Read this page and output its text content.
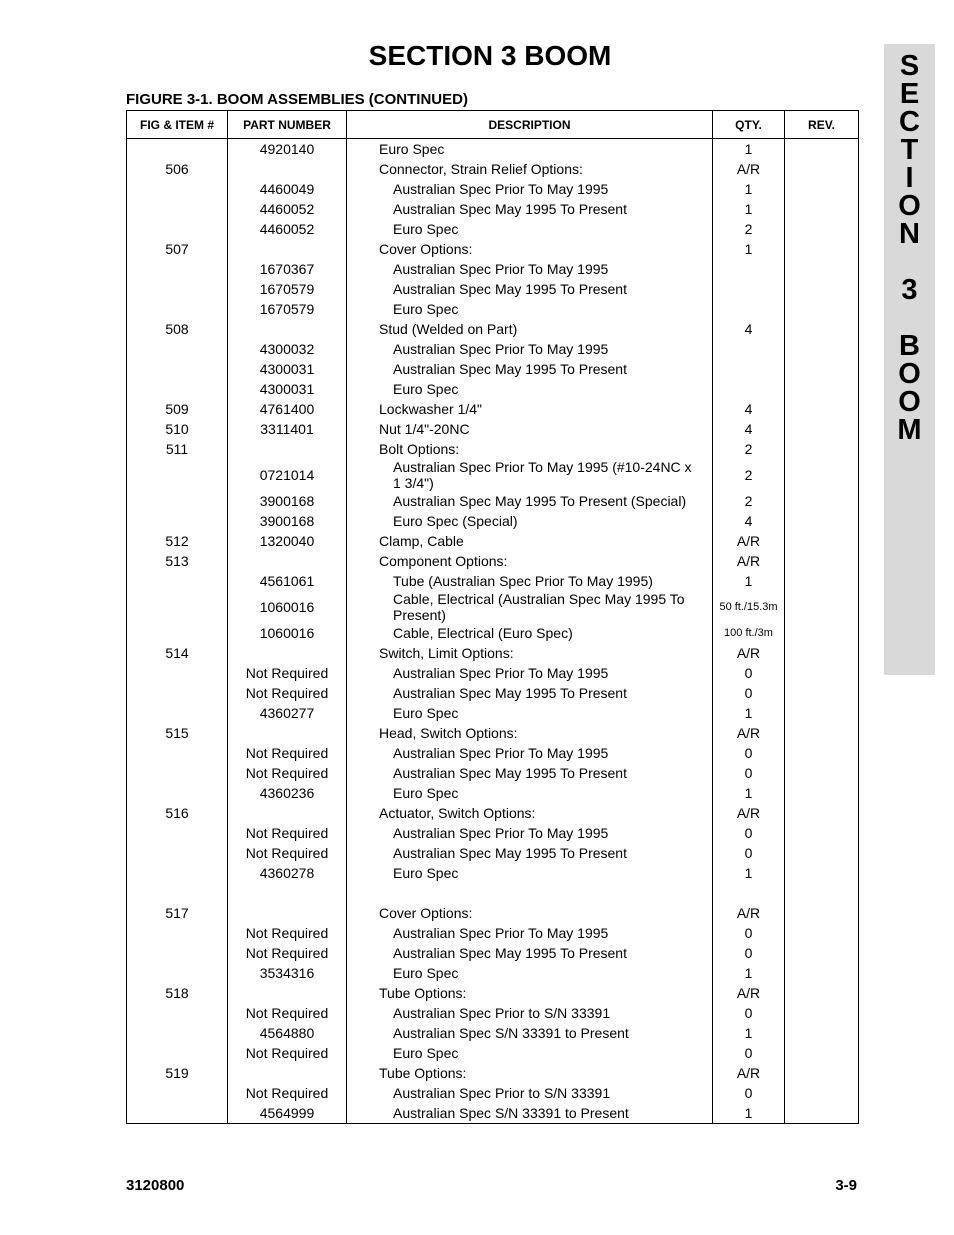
SECTION 3 BOOM	S
E
C
T
I
O
N
3
B
O
O
M
FIGURE 3-1. BOOM ASSEMBLIES (CONTINUED)
FIG & ITEM #	PART NUMBER	DESCRIPTION	QTY.	REV.
	4920140	Euro Spec	1	
506		Connector, Strain Relief Options:	A/R	
	4460049	Australian Spec Prior To May 1995	1	
	4460052	Australian Spec May 1995 To Present	1	
	4460052	Euro Spec	2	
507		Cover Options:	1	
	1670367	Australian Spec Prior To May 1995		
	1670579	Australian Spec May 1995 To Present		
	1670579	Euro Spec		
508		Stud (Welded on Part)	4	
	4300032	Australian Spec Prior To May 1995		
	4300031	Australian Spec May 1995 To Present		
	4300031	Euro Spec		
509	4761400	Lockwasher 1/4"	4	
510	3311401	Nut 1/4"-20NC	4	
511		Bolt Options:	2	
	0721014	Australian Spec Prior To May 1995 (#10-24NC x 1 3/4")	2	
	3900168	Australian Spec May 1995 To Present (Special)	2	
	3900168	Euro Spec (Special)	4	
512	1320040	Clamp, Cable	A/R	
513		Component Options:	A/R	
	4561061	Tube (Australian Spec Prior To May 1995)	1	
	1060016	Cable, Electrical (Australian Spec May 1995 To Present)	50 ft./15.3m	
	1060016	Cable, Electrical (Euro Spec)	100 ft./3m	
514		Switch, Limit Options:	A/R	
	Not Required	Australian Spec Prior To May 1995	0	
	Not Required	Australian Spec May 1995 To Present	0	
	4360277	Euro Spec	1	
515		Head, Switch Options:	A/R	
	Not Required	Australian Spec Prior To May 1995	0	
	Not Required	Australian Spec May 1995 To Present	0	
	4360236	Euro Spec	1	
516		Actuator, Switch Options:	A/R	
	Not Required	Australian Spec Prior To May 1995	0	
	Not Required	Australian Spec May 1995 To Present	0	
	4360278	Euro Spec	1	

517		Cover Options:	A/R	
	Not Required	Australian Spec Prior To May 1995	0	
	Not Required	Australian Spec May 1995 To Present	0	
	3534316	Euro Spec	1	
518		Tube Options:	A/R	
	Not Required	Australian Spec Prior to S/N 33391	0	
	4564880	Australian Spec S/N 33391 to Present	1	
	Not Required	Euro Spec	0	
519		Tube Options:	A/R	
	Not Required	Australian Spec Prior to S/N 33391	0	
	4564999	Australian Spec S/N 33391 to Present	1	
3120800	3-9
